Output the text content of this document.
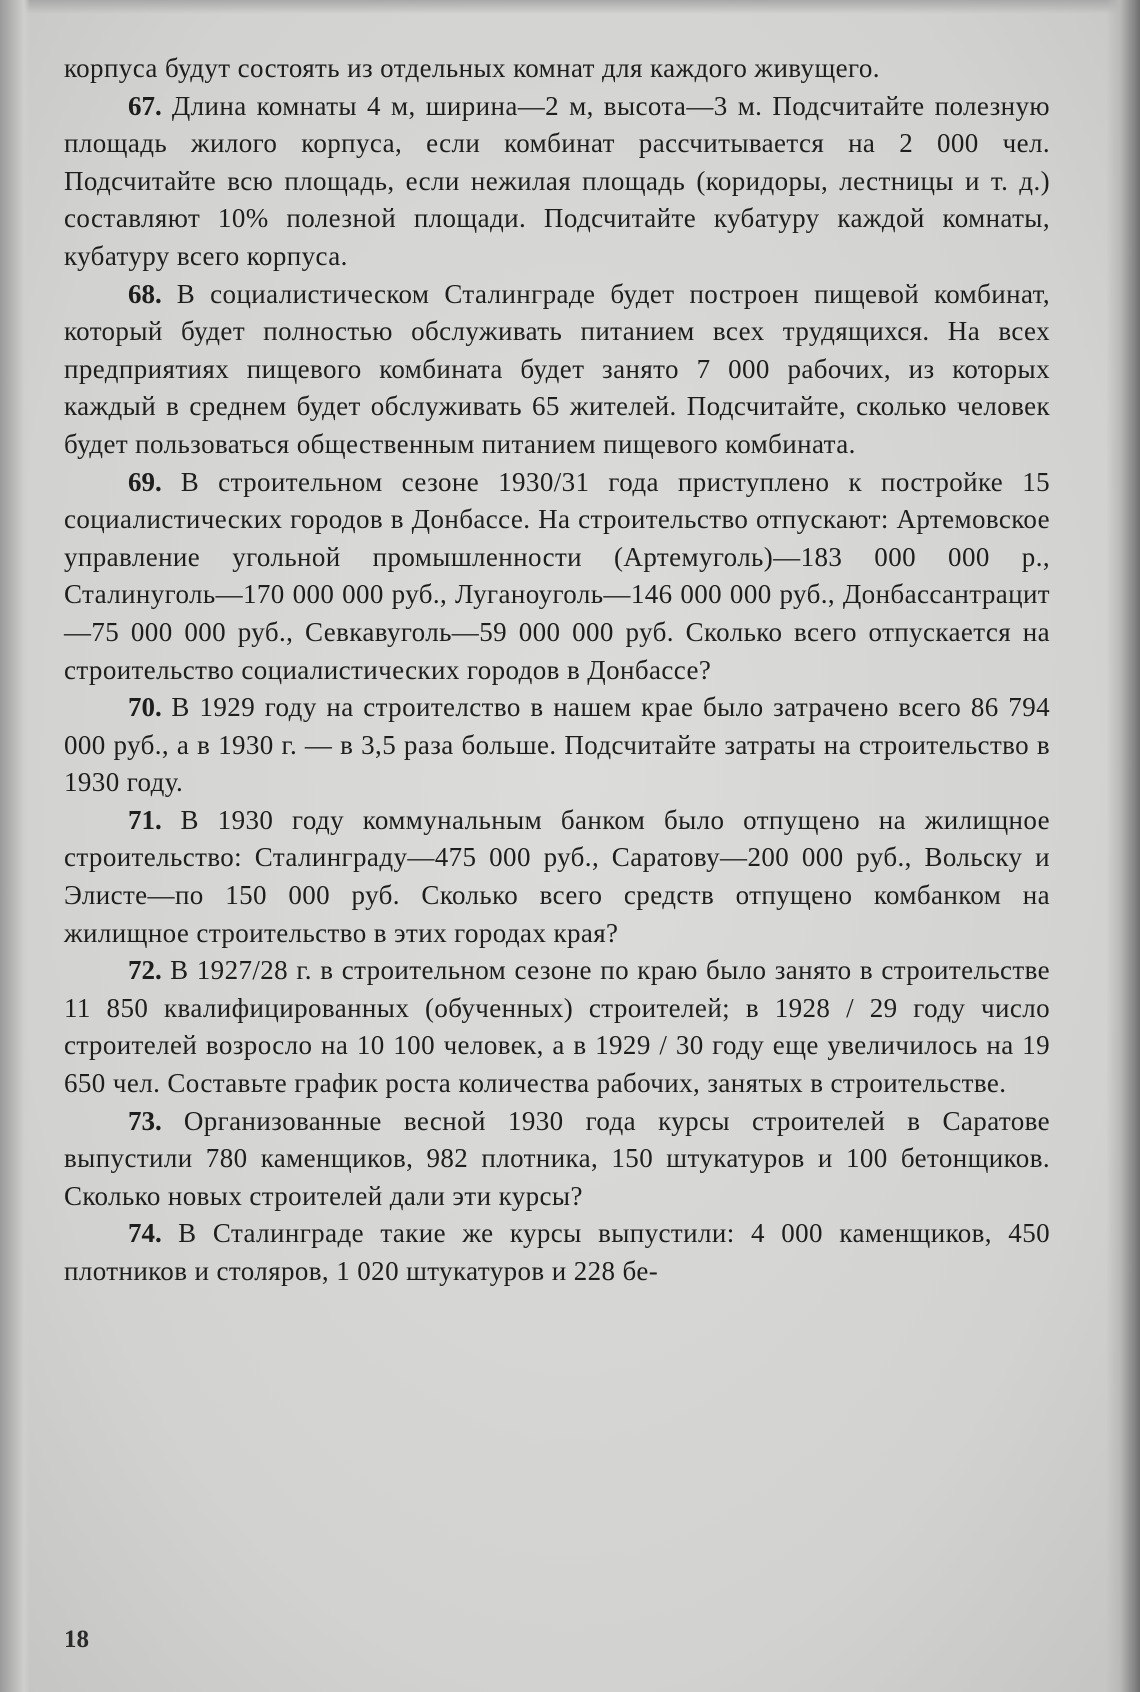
корпуса будут состоять из отдельных комнат для каждого живущего.

67. Длина комнаты 4 м, ширина—2 м, высота—3 м. Подсчитайте полезную площадь жилого корпуса, если комбинат рассчитывается на 2 000 чел. Подсчитайте всю площадь, если нежилая площадь (коридоры, лестницы и т. д.) составляют 10% полезной площади. Подсчитайте кубатуру каждой комнаты, кубатуру всего корпуса.

68. В социалистическом Сталинграде будет построен пищевой комбинат, который будет полностью обслуживать питанием всех трудящихся. На всех предприятиях пищевого комбината будет занято 7 000 рабочих, из которых каждый в среднем будет обслуживать 65 жителей. Подсчитайте, сколько человек будет пользоваться общественным питанием пищевого комбината.

69. В строительном сезоне 1930/31 года приступлено к постройке 15 социалистических городов в Донбассе. На строительство отпускают: Артемовское управление угольной промышленности (Артемуголь)—183 000 000 р., Сталинуголь—170 000 000 руб., Луганоуголь—146 000 000 руб., Донбассантрацит—75 000 000 руб., Севкавуголь—59 000 000 руб. Сколько всего отпускается на строительство социалистических городов в Донбассе?

70. В 1929 году на строителство в нашем крае было затрачено всего 86 794 000 руб., а в 1930 г. — в 3,5 раза больше. Подсчитайте затраты на строительство в 1930 году.

71. В 1930 году коммунальным банком было отпущено на жилищное строительство: Сталинграду—475 000 руб., Саратову—200 000 руб., Вольску и Элисте—по 150 000 руб. Сколько всего средств отпущено комбанком на жилищное строительство в этих городах края?

72. В 1927/28 г. в строительном сезоне по краю было занято в строительстве 11 850 квалифицированных (обученных) строителей; в 1928 / 29 году число строителей возросло на 10 100 человек, а в 1929 / 30 году еще увеличилось на 19 650 чел. Составьте график роста количества рабочих, занятых в строительстве.

73. Организованные весной 1930 года курсы строителей в Саратове выпустили 780 каменщиков, 982 плотника, 150 штукатуров и 100 бетонщиков. Сколько новых строителей дали эти курсы?

74. В Сталинграде такие же курсы выпустили: 4 000 каменщиков, 450 плотников и столяров, 1 020 штукатуров и 228 бе-

18
